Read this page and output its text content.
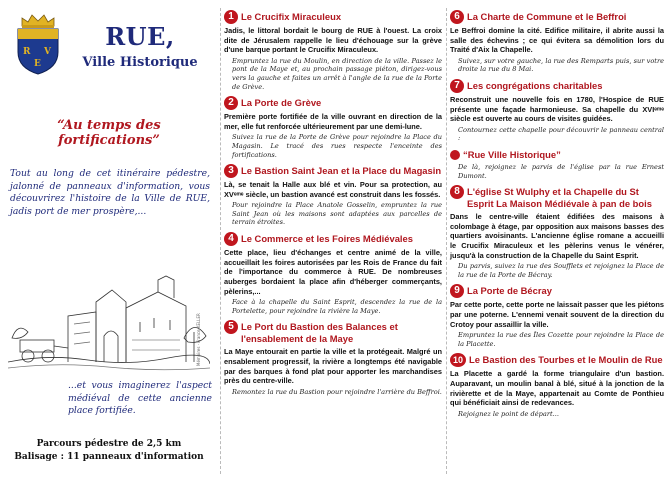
R V
E
RUE,
Ville Historique
“Au temps des fortifications”
Tout au long de cet itinéraire pédestre, jalonné de panneaux d'information, vous découvrirez l'histoire de la Ville de RUE, jadis port de mer prospère,...
Mémoires · France KELLER
...et vous imaginerez l'aspect médiéval de cette ancienne place fortifiée.
Parcours pédestre de 2,5 km
Balisage : 11 panneaux d'information
1 Le Crucifix Miraculeux

Jadis, le littoral bordait le bourg de RUE à l'ouest. La croix dite de Jérusalem rappelle le lieu d'échouage sur la grève d'une barque portant le Crucifix Miraculeux.

Empruntez la rue du Moulin, en direction de la ville. Passez le pont de la Maye et, au prochain passage piéton, dirigez-vous vers la gauche et faites un arrêt à l'angle de la rue de la Porte de Grève.

2 La Porte de Grève

Première porte fortifiée de la ville ouvrant en direction de la mer, elle fut renforcée ultérieurement par une demi-lune.

Suivez la rue de la Porte de Grève pour rejoindre la Place du Magasin. Le tracé des rues respecte l'enceinte des fortifications.

3 Le Bastion Saint Jean et la Place du Magasin

Là, se tenait la Halle aux blé et vin. Pour sa protection, au XVᵉᵐᵉ siècle, un bastion avancé est construit dans les fossés.

Pour rejoindre la Place Anatole Gosselin, empruntez la rue Saint Jean où les maisons sont adaptées aux parcelles de terrain étroites.

4 Le Commerce et les Foires Médiévales

Cette place, lieu d'échanges et centre animé de la ville, accueillait les foires autorisées par les Rois de France du fait de l'importance du commerce à RUE. De nombreuses auberges bordaient la place afin d'héberger commerçants, pèlerins,...

Face à la chapelle du Saint Esprit, descendez la rue de la Portelette, pour rejoindre la rivière la Maye.

5 Le Port du Bastion des Balances et l'ensablement de la Maye

La Maye entourait en partie la ville et la protégeait. Malgré un ensablement progressif, la rivière a longtemps été navigable par des barques à fond plat pour apporter les marchandises près du centre-ville.

Remontez la rue du Bastion pour rejoindre l'arrière du Beffroi.

6 La Charte de Commune et le Beffroi

Le Beffroi domine la cité. Edifice militaire, il abrite aussi la salle des échevins ; ce qui évitera sa démolition lors du Traité d'Aix la Chapelle.

Suivez, sur votre gauche, la rue des Remparts puis, sur votre droite la rue du 8 Mai.

7 Les congrégations charitables

Reconstruit une nouvelle fois en 1780, l'Hospice de RUE présente une façade harmonieuse. Sa chapelle du XVIᵉᵐᵉ siècle est ouverte au cours de visites guidées.

Contournez cette chapelle pour découvrir le panneau central :

“Rue Ville Historique”

De là, rejoignez le parvis de l'église par la rue Ernest Dumont.

8 L'église St Wulphy et la Chapelle du St Esprit La Maison Médiévale à pan de bois

Dans le centre-ville étaient édifiées des maisons à colombage à étage, par opposition aux maisons basses des quartiers avoisinants. L'ancienne église romane a accueilli le Crucifix Miraculeux et les pèlerins venus le vénérer, jusqu'à la construction de la Chapelle du Saint Esprit.

Du parvis, suivez la rue des Soufflets et rejoignez la Place de la rue de la Porte de Bécray.

9 La Porte de Bécray

Par cette porte, cette porte ne laissait passer que les piétons par une poterne. L'ennemi venait souvent de la direction du Crotoy pour assaillir la ville.

Empruntez la rue des Îles Cozette pour rejoindre la Place de la Placette.

10 Le Bastion des Tourbes et le Moulin de Rue

La Placette a gardé la forme triangulaire d'un bastion. Auparavant, un moulin banal à blé, situé à la jonction de la rivièrette et de la Maye, appartenait au Comte de Ponthieu qui bénéficiait ainsi de redevances.

Rejoignez le point de départ...
